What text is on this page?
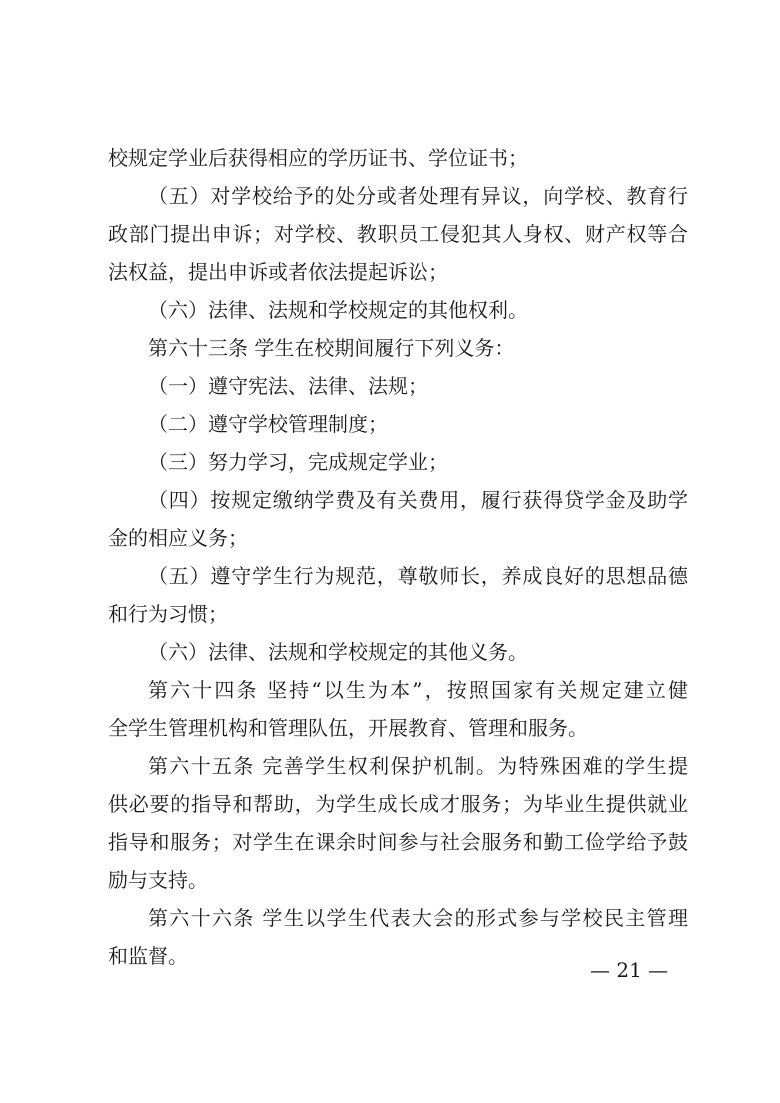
校规定学业后获得相应的学历证书、学位证书；
（五）对学校给予的处分或者处理有异议，向学校、教育行
政部门提出申诉；对学校、教职员工侵犯其人身权、财产权等合
法权益，提出申诉或者依法提起诉讼；
（六）法律、法规和学校规定的其他权利。
第六十三条 学生在校期间履行下列义务：
（一）遵守宪法、法律、法规；
（二）遵守学校管理制度；
（三）努力学习，完成规定学业；
（四）按规定缴纳学费及有关费用，履行获得贷学金及助学
金的相应义务；
（五）遵守学生行为规范，尊敬师长，养成良好的思想品德
和行为习惯；
（六）法律、法规和学校规定的其他义务。
第六十四条 坚持“以生为本”，按照国家有关规定建立健
全学生管理机构和管理队伍，开展教育、管理和服务。
第六十五条 完善学生权利保护机制。为特殊困难的学生提
供必要的指导和帮助，为学生成长成才服务；为毕业生提供就业
指导和服务；对学生在课余时间参与社会服务和勤工俭学给予鼓
励与支持。
第六十六条 学生以学生代表大会的形式参与学校民主管理
和监督。
— 21 —
